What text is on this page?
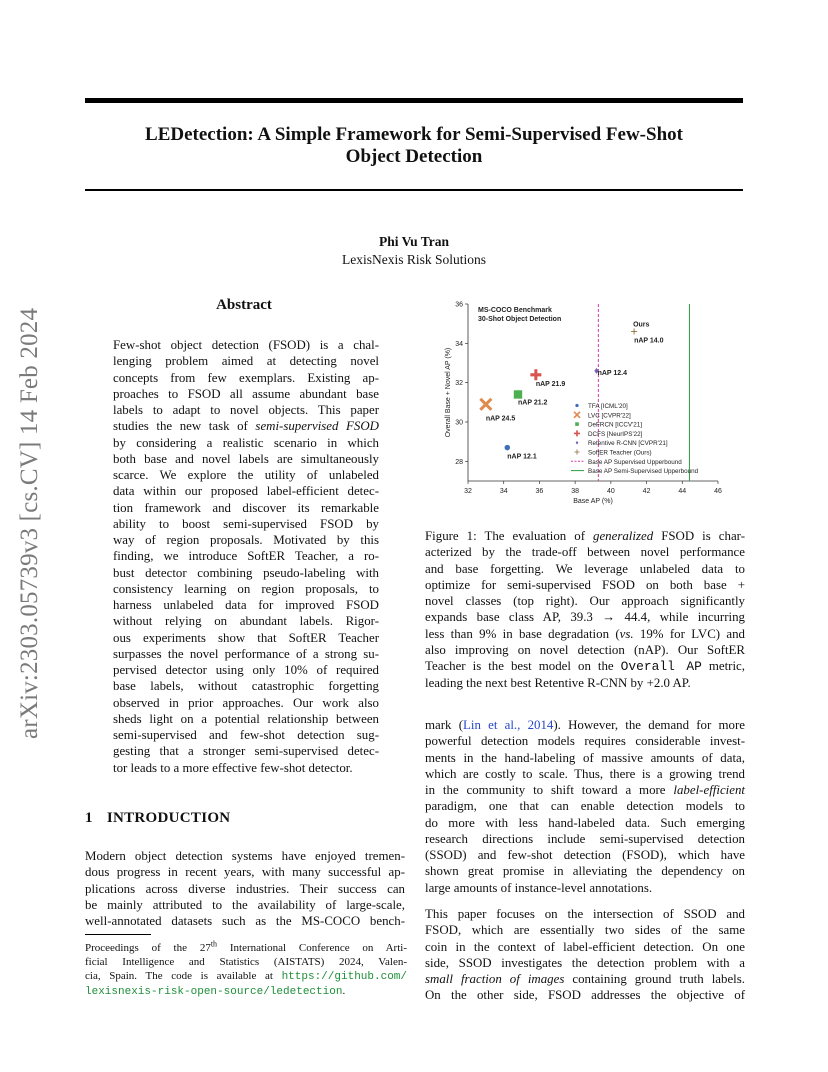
LEDetection: A Simple Framework for Semi-Supervised Few-Shot
Object Detection
Phi Vu Tran
LexisNexis Risk Solutions
arXiv:2303.05739v3 [cs.CV] 14 Feb 2024
Abstract
Few-shot object detection (FSOD) is a chal-
lenging problem aimed at detecting novel
concepts from few exemplars. Existing ap-
proaches to FSOD all assume abundant base
labels to adapt to novel objects. This paper
studies the new task of semi-supervised FSOD
by considering a realistic scenario in which
both base and novel labels are simultaneously
scarce. We explore the utility of unlabeled
data within our proposed label-efficient detec-
tion framework and discover its remarkable
ability to boost semi-supervised FSOD by
way of region proposals. Motivated by this
finding, we introduce SoftER Teacher, a ro-
bust detector combining pseudo-labeling with
consistency learning on region proposals, to
harness unlabeled data for improved FSOD
without relying on abundant labels. Rigor-
ous experiments show that SoftER Teacher
surpasses the novel performance of a strong su-
pervised detector using only 10% of required
base labels, without catastrophic forgetting
observed in prior approaches. Our work also
sheds light on a potential relationship between
semi-supervised and few-shot detection sug-
gesting that a stronger semi-supervised detec-
tor leads to a more effective few-shot detector.
32	34	36	38	40	42	44	46
28
30
32
34
36
Base AP (%)
Overall Base + Novel AP (%)
MS-COCO Benchmark
30-Shot Object Detection
nAP 12.1
nAP 24.5
nAP 21.2
nAP 21.9
nAP 12.4
nAP 14.0
Ours
TFA [ICML'20]
LVC [CVPR'22]
DeFRCN [ICCV'21]
DCFS [NeurIPS'22]
Retentive R-CNN [CVPR'21]
SoftER Teacher (Ours)
Base AP Supervised Upperbound
Base AP Semi-Supervised Upperbound
Figure 1: The evaluation of generalized FSOD is char-
acterized by the trade-off between novel performance
and base forgetting. We leverage unlabeled data to
optimize for semi-supervised FSOD on both base +
novel classes (top right). Our approach significantly
expands base class AP, 39.3 → 44.4, while incurring
less than 9% in base degradation (vs. 19% for LVC) and
also improving on novel detection (nAP). Our SoftER
Teacher is the best model on the Overall AP metric,
leading the next best Retentive R-CNN by +2.0 AP.
mark (Lin et al., 2014). However, the demand for more
powerful detection models requires considerable invest-
ments in the hand-labeling of massive amounts of data,
which are costly to scale. Thus, there is a growing trend
in the community to shift toward a more label-efficient
paradigm, one that can enable detection models to
do more with less hand-labeled data. Such emerging
research directions include semi-supervised detection
(SSOD) and few-shot detection (FSOD), which have
shown great promise in alleviating the dependency on
large amounts of instance-level annotations.
This paper focuses on the intersection of SSOD and
FSOD, which are essentially two sides of the same
coin in the context of label-efficient detection. On one
side, SSOD investigates the detection problem with a
small fraction of images containing ground truth labels.
On the other side, FSOD addresses the objective of
1 INTRODUCTION
Modern object detection systems have enjoyed tremen-
dous progress in recent years, with many successful ap-
plications across diverse industries. Their success can
be mainly attributed to the availability of large-scale,
well-annotated datasets such as the MS-COCO bench-
Proceedings of the 27th International Conference on Arti-
ficial Intelligence and Statistics (AISTATS) 2024, Valen-
cia, Spain. The code is available at https://github.com/
lexisnexis-risk-open-source/ledetection.
